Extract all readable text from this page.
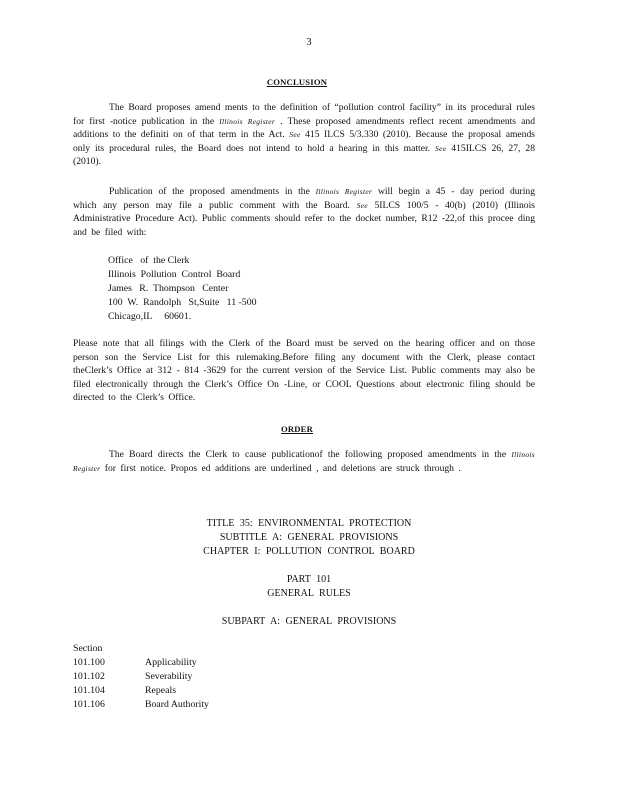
3
CONCLUSION
The Board proposes amend ments to the definition of “pollution control facility” in its procedural rules for first -notice publication in the Illinois Register . These proposed amendments reflect recent amendments and additions to the definiti on of that term in the Act. See 415 ILCS 5/3.330 (2010). Because the proposal amends only its procedural rules, the Board does not intend to hold a hearing in this matter. See 415ILCS 26, 27, 28 (2010).
Publication of the proposed amendments in the Illinois Register will begin a 45 - day period during which any person may file a public comment with the Board. See 5ILCS 100/5 - 40(b) (2010) (Illinois Administrative Procedure Act). Public comments should refer to the docket number, R12 -22,of this procee ding and be filed with:
Office   of  the Clerk
Illinois  Pollution  Control  Board
James   R.  Thompson   Center
100  W.  Randolph   St,Suite   11 -500
Chicago,IL     60601.
Please note that all filings with the Clerk of the Board must be served on the hearing officer and on those person son the Service List for this rulemaking.Before filing any document with the Clerk, please contact theClerk’s Office at 312 - 814 -3629 for the current version of the Service List. Public comments may also be filed electronically through the Clerk’s Office On -Line, or COOL Questions about electronic filing should be directed to the Clerk’s Office.
ORDER
The Board directs the Clerk to cause publicationof the following proposed amendments in the Illinois Register for first notice. Propos ed additions are underlined , and deletions are struck through .
TITLE 35: ENVIRONMENTAL PROTECTION
SUBTITLE A: GENERAL PROVISIONS
CHAPTER I: POLLUTION CONTROL BOARD
PART 101
GENERAL RULES
SUBPART A: GENERAL PROVISIONS
Section
101.100	Applicability
101.102	Severability
101.104	Repeals
101.106	Board Authority
